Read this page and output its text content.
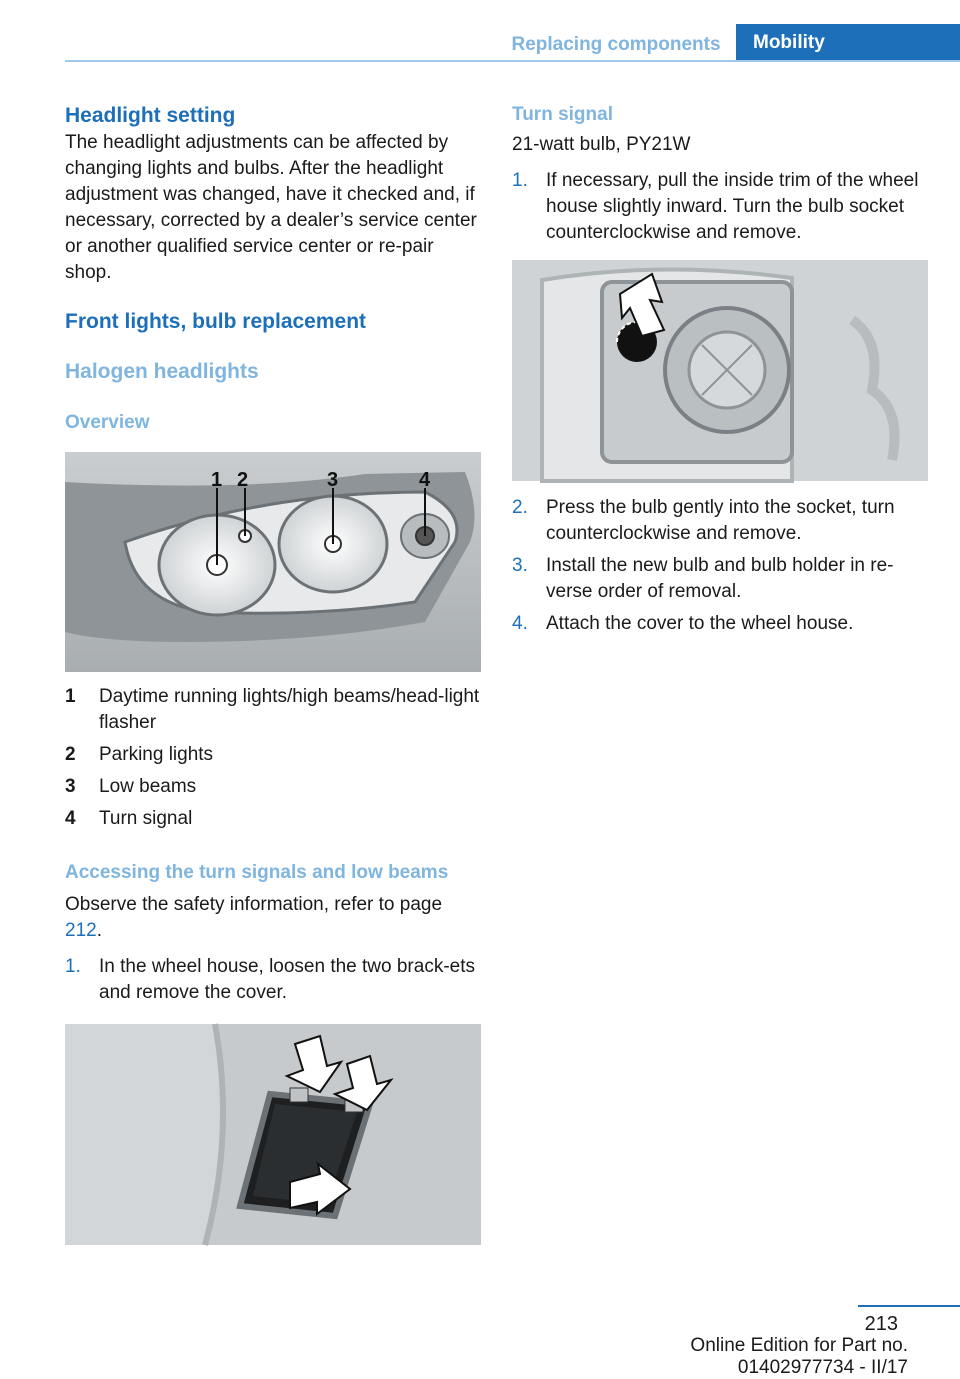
Replacing components	Mobility
Headlight setting
The headlight adjustments can be affected by changing lights and bulbs. After the headlight adjustment was changed, have it checked and, if necessary, corrected by a dealer’s service center or another qualified service center or re-pair shop.
Front lights, bulb replacement
Halogen headlights
Overview
1 2	3	4
1	Daytime running lights/high beams/head-light flasher
2	Parking lights
3	Low beams
4	Turn signal
Accessing the turn signals and low beams
Observe the safety information, refer to page 212.
1. In the wheel house, loosen the two brack-ets and remove the cover.
Turn signal
21-watt bulb, PY21W
1. If necessary, pull the inside trim of the wheel house slightly inward. Turn the bulb socket counterclockwise and remove.
2. Press the bulb gently into the socket, turn counterclockwise and remove.
3. Install the new bulb and bulb holder in re-verse order of removal.
4. Attach the cover to the wheel house.
213
Online Edition for Part no. 01402977734 - II/17
